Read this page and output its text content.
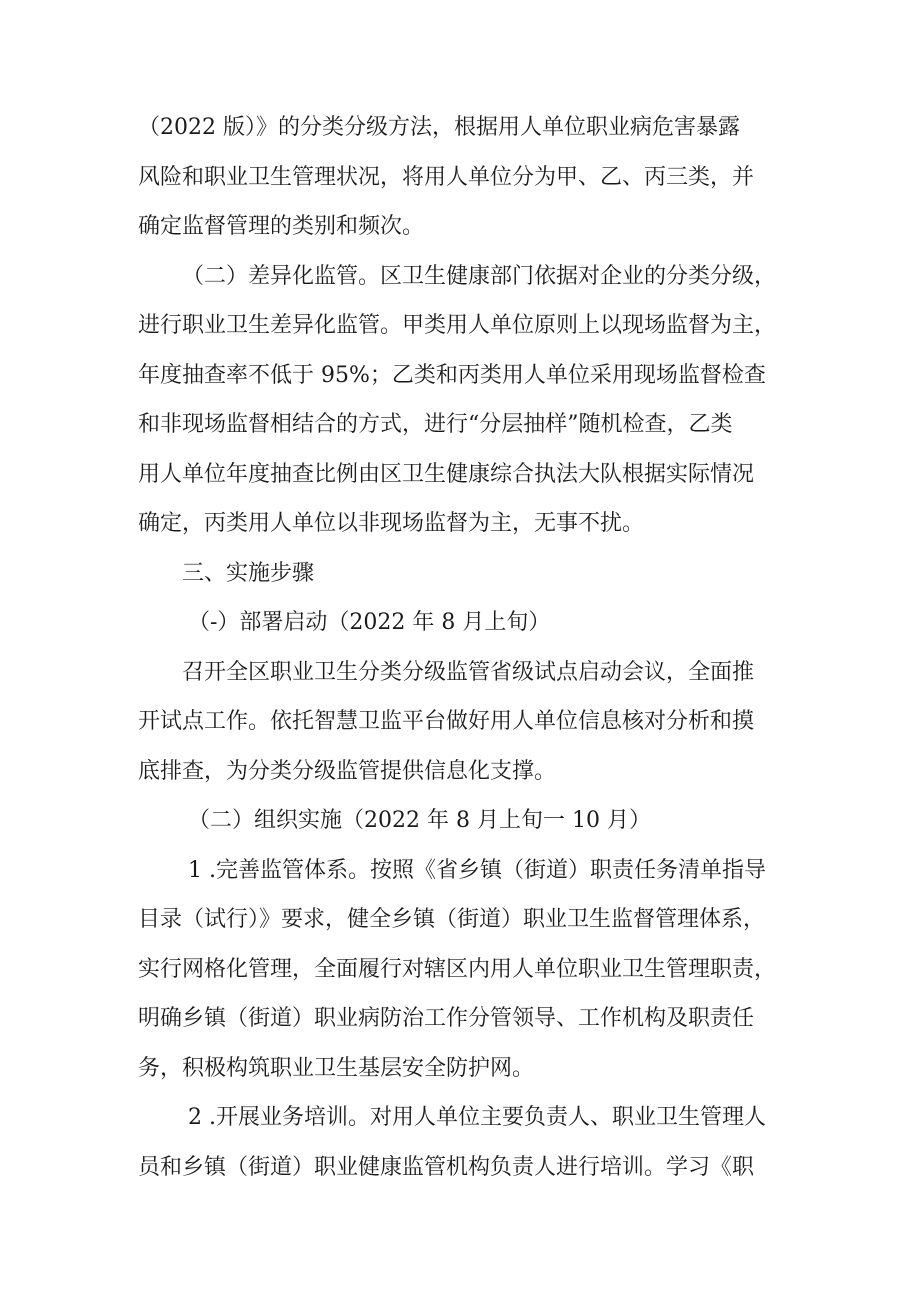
（2022 版）》的分类分级方法，根据用人单位职业病危害暴露
风险和职业卫生管理状况，将用人单位分为甲、乙、丙三类，并
确定监督管理的类别和频次。
（二）差异化监管。区卫生健康部门依据对企业的分类分级，
进行职业卫生差异化监管。甲类用人单位原则上以现场监督为主，
年度抽查率不低于 95%；乙类和丙类用人单位采用现场监督检查
和非现场监督相结合的方式，进行“分层抽样”随机检查，乙类
用人单位年度抽查比例由区卫生健康综合执法大队根据实际情况
确定，丙类用人单位以非现场监督为主，无事不扰。
三、实施步骤
（-）部署启动（2022 年 8 月上旬）
召开全区职业卫生分类分级监管省级试点启动会议，全面推
开试点工作。依托智慧卫监平台做好用人单位信息核对分析和摸
底排查，为分类分级监管提供信息化支撑。
（二）组织实施（2022 年 8 月上旬一 10 月）
1 .完善监管体系。按照《省乡镇（街道）职责任务清单指导
目录（试行）》要求，健全乡镇（街道）职业卫生监督管理体系，
实行网格化管理，全面履行对辖区内用人单位职业卫生管理职责，
明确乡镇（街道）职业病防治工作分管领导、工作机构及职责任
务，积极构筑职业卫生基层安全防护网。
2 .开展业务培训。对用人单位主要负责人、职业卫生管理人
员和乡镇（街道）职业健康监管机构负责人进行培训。学习《职
